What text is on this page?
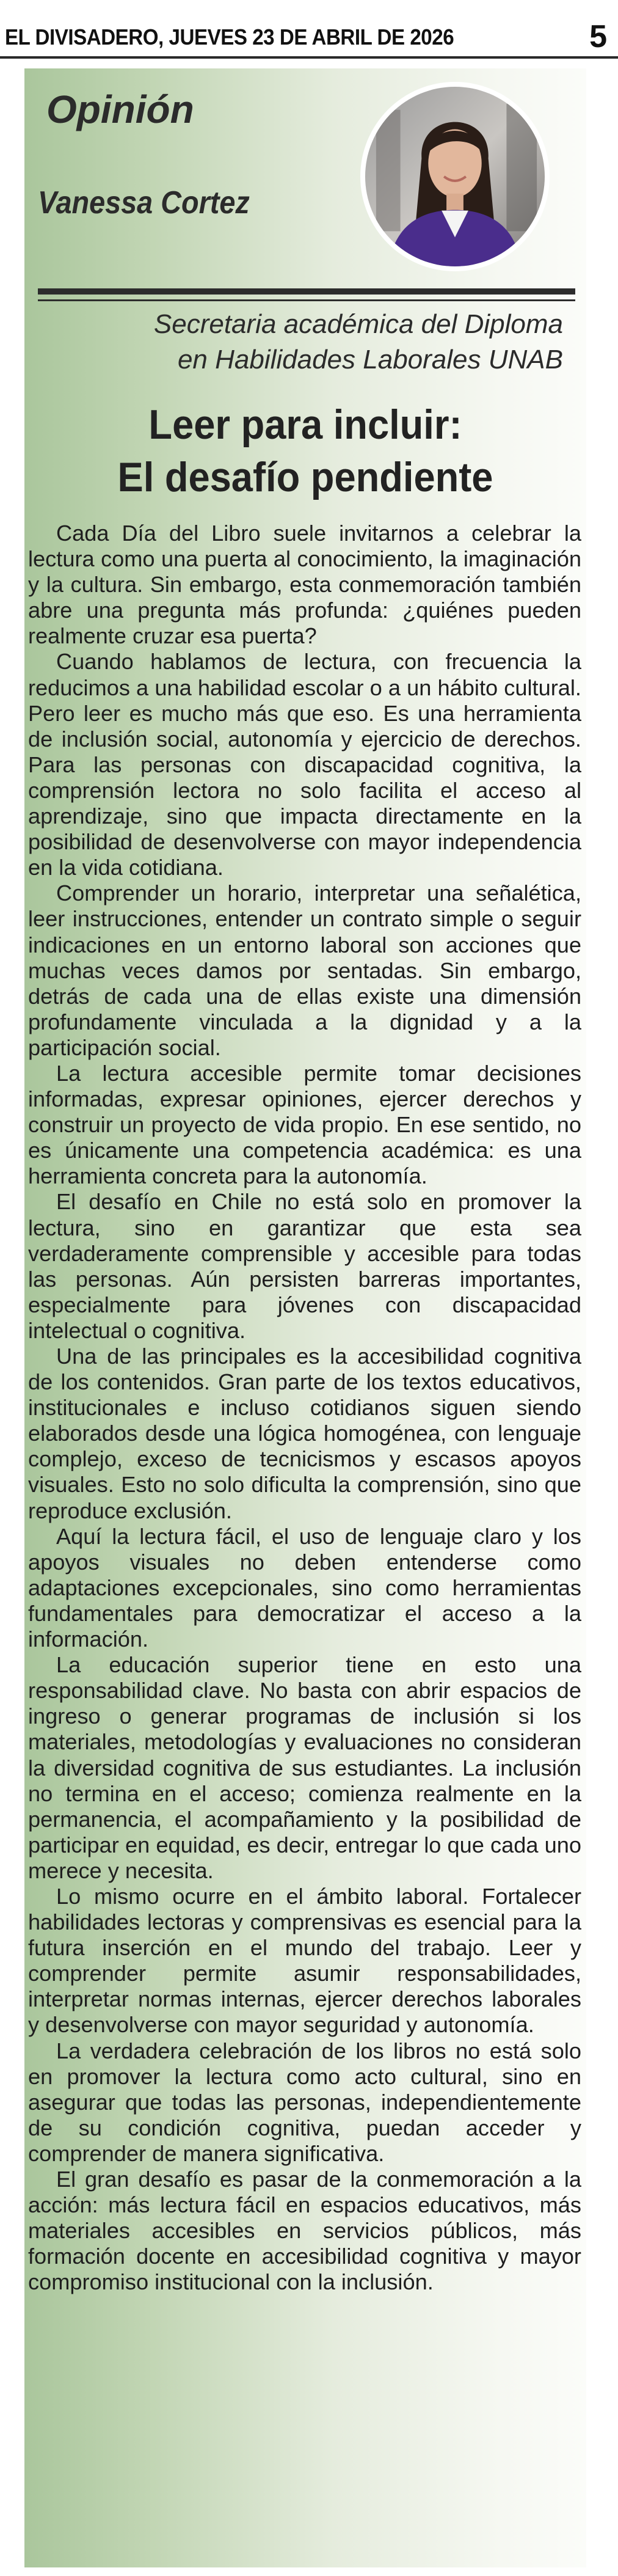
EL DIVISADERO, JUEVES 23 DE ABRIL DE 2026	5
Opinión
Vanessa Cortez
Secretaria académica del Diploma
en Habilidades Laborales UNAB
Leer para incluir:
El desafío pendiente

Cada Día del Libro suele invitarnos a celebrar la lectura como una puerta al conocimiento, la imaginación y la cultura. Sin embargo, esta conmemoración también abre una pregunta más profunda: ¿quiénes pueden realmente cruzar esa puerta?

Cuando hablamos de lectura, con frecuencia la reducimos a una habilidad escolar o a un hábito cultural. Pero leer es mucho más que eso. Es una herramienta de inclusión social, autonomía y ejercicio de derechos. Para las personas con discapacidad cognitiva, la comprensión lectora no solo facilita el acceso al aprendizaje, sino que impacta directamente en la posibilidad de desenvolverse con mayor independencia en la vida cotidiana.

Comprender un horario, interpretar una señalética, leer instrucciones, entender un contrato simple o seguir indicaciones en un entorno laboral son acciones que muchas veces damos por sentadas. Sin embargo, detrás de cada una de ellas existe una dimensión profundamente vinculada a la dignidad y a la participación social.

La lectura accesible permite tomar decisiones informadas, expresar opiniones, ejercer derechos y construir un proyecto de vida propio. En ese sentido, no es únicamente una competencia académica: es una herramienta concreta para la autonomía.

El desafío en Chile no está solo en promover la lectura, sino en garantizar que esta sea verdaderamente comprensible y accesible para todas las personas. Aún persisten barreras importantes, especialmente para jóvenes con discapacidad intelectual o cognitiva.

Una de las principales es la accesibilidad cognitiva de los contenidos. Gran parte de los textos educativos, institucionales e incluso cotidianos siguen siendo elaborados desde una lógica homogénea, con lenguaje complejo, exceso de tecnicismos y escasos apoyos visuales. Esto no solo dificulta la comprensión, sino que reproduce exclusión.

Aquí la lectura fácil, el uso de lenguaje claro y los apoyos visuales no deben entenderse como adaptaciones excepcionales, sino como herramientas fundamentales para democratizar el acceso a la información.

La educación superior tiene en esto una responsabilidad clave. No basta con abrir espacios de ingreso o generar programas de inclusión si los materiales, metodologías y evaluaciones no consideran la diversidad cognitiva de sus estudiantes. La inclusión no termina en el acceso; comienza realmente en la permanencia, el acompañamiento y la posibilidad de participar en equidad, es decir, entregar lo que cada uno merece y necesita.

Lo mismo ocurre en el ámbito laboral. Fortalecer habilidades lectoras y comprensivas es esencial para la futura inserción en el mundo del trabajo. Leer y comprender permite asumir responsabilidades, interpretar normas internas, ejercer derechos laborales y desenvolverse con mayor seguridad y autonomía.

La verdadera celebración de los libros no está solo en promover la lectura como acto cultural, sino en asegurar que todas las personas, independientemente de su condición cognitiva, puedan acceder y comprender de manera significativa.

El gran desafío es pasar de la conmemoración a la acción: más lectura fácil en espacios educativos, más materiales accesibles en servicios públicos, más formación docente en accesibilidad cognitiva y mayor compromiso institucional con la inclusión.
